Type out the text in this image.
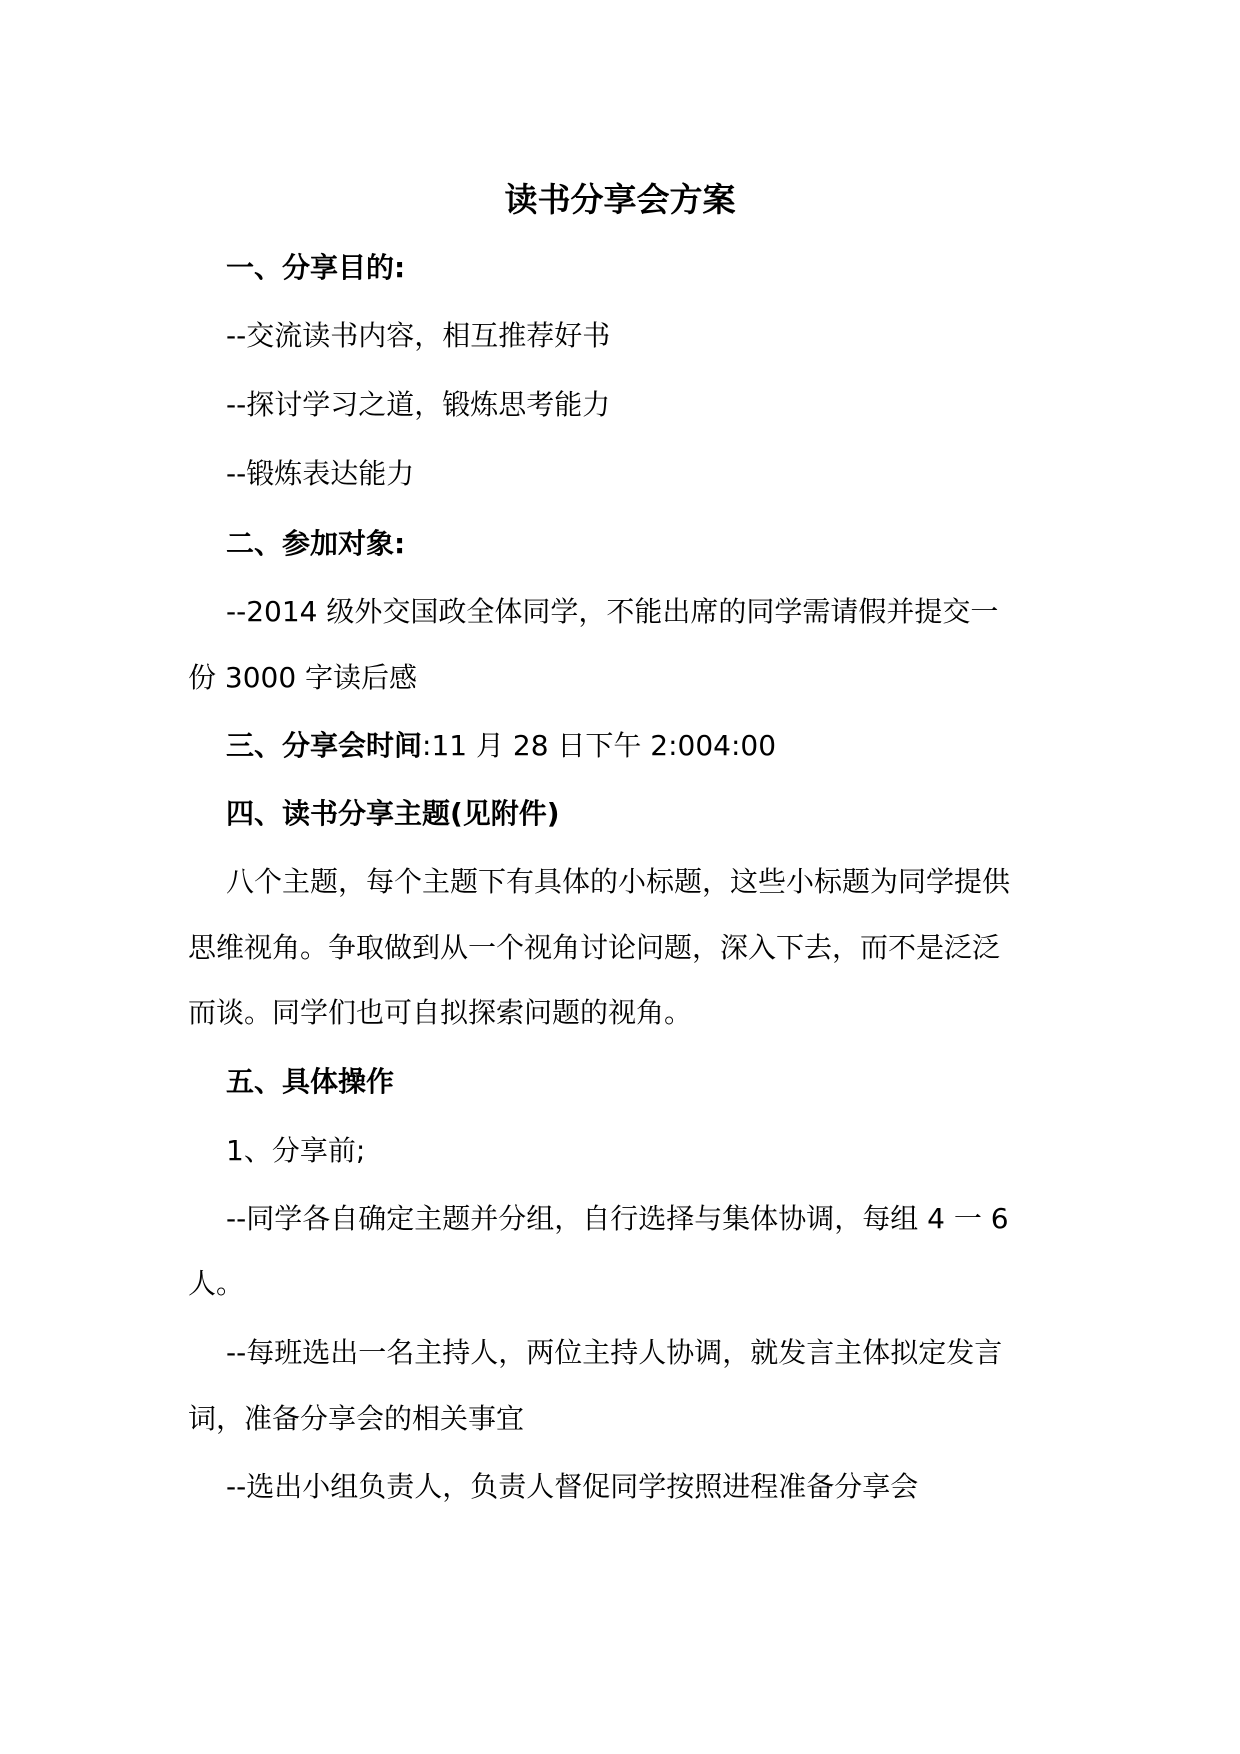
读书分享会方案
一、分享目的:
--交流读书内容，相互推荐好书
--探讨学习之道，锻炼思考能力
--锻炼表达能力
二、参加对象:
--2014 级外交国政全体同学，不能出席的同学需请假并提交一
份 3000 字读后感
三、分享会时间:11 月 28 日下午 2:004:00
四、读书分享主题(见附件)
八个主题，每个主题下有具体的小标题，这些小标题为同学提供
思维视角。争取做到从一个视角讨论问题，深入下去，而不是泛泛
而谈。同学们也可自拟探索问题的视角。
五、具体操作
1、分享前;
--同学各自确定主题并分组，自行选择与集体协调，每组 4 一 6
人。
--每班选出一名主持人，两位主持人协调，就发言主体拟定发言
词，准备分享会的相关事宜
--选出小组负责人，负责人督促同学按照进程准备分享会
